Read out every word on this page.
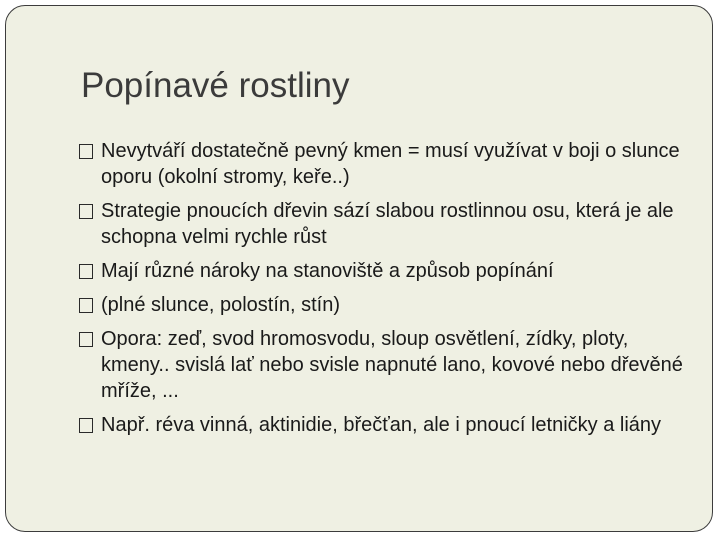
Popínavé rostliny
Nevytváří dostatečně pevný kmen = musí využívat v boji o slunce oporu (okolní stromy, keře..)
Strategie pnoucích dřevin sází slabou rostlinnou osu, která je ale schopna velmi rychle růst
Mají různé nároky na stanoviště a způsob popínání
(plné slunce, polostín, stín)
Opora: zeď, svod hromosvodu, sloup osvětlení, zídky, ploty, kmeny.. svislá lať nebo svisle napnuté lano, kovové nebo dřevěné mříže, ...
Např. réva vinná, aktinidie, břečťan, ale i pnoucí letničky a liány
